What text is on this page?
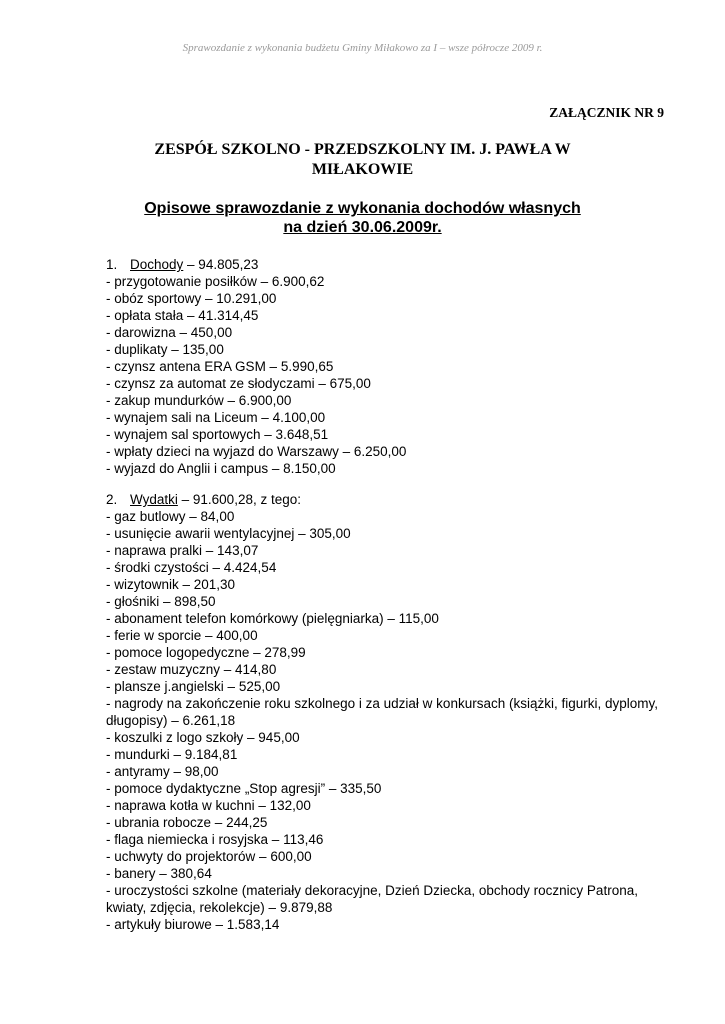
Sprawozdanie z wykonania budżetu Gminy Miłakowo za I – wsze półrocze 2009 r.
ZAŁĄCZNIK NR 9
ZESPÓŁ SZKOLNO - PRZEDSZKOLNY IM. J. PAWŁA W MIŁAKOWIE
Opisowe sprawozdanie z wykonania dochodów własnych
na dzień 30.06.2009r.

1. Dochody – 94.805,23

- przygotowanie posiłków – 6.900,62

- obóz sportowy – 10.291,00

- opłata stała – 41.314,45

- darowizna – 450,00

- duplikaty – 135,00

- czynsz antena ERA GSM – 5.990,65

- czynsz za automat ze słodyczami – 675,00

- zakup mundurków – 6.900,00

- wynajem sali na Liceum – 4.100,00

- wynajem sal sportowych – 3.648,51

- wpłaty dzieci na wyjazd do Warszawy – 6.250,00

- wyjazd do Anglii i campus – 8.150,00

2. Wydatki – 91.600,28, z tego:

- gaz butlowy – 84,00

- usunięcie awarii wentylacyjnej – 305,00

- naprawa pralki – 143,07

- środki czystości – 4.424,54

- wizytownik – 201,30

- głośniki – 898,50

- abonament telefon komórkowy (pielęgniarka) – 115,00

- ferie w sporcie – 400,00

- pomoce logopedyczne – 278,99

- zestaw muzyczny – 414,80

- plansze j.angielski – 525,00

- nagrody na zakończenie roku szkolnego i za udział w konkursach (książki, figurki, dyplomy, długopisy) – 6.261,18

- koszulki z logo szkoły – 945,00

- mundurki – 9.184,81

- antyramy – 98,00

- pomoce dydaktyczne „Stop agresji” – 335,50

- naprawa kotła w kuchni – 132,00

- ubrania robocze – 244,25

- flaga niemiecka i rosyjska – 113,46

- uchwyty do projektorów – 600,00

- banery – 380,64

- uroczystości szkolne (materiały dekoracyjne, Dzień Dziecka, obchody rocznicy Patrona, kwiaty, zdjęcia, rekolekcje) – 9.879,88

- artykuły biurowe – 1.583,14
